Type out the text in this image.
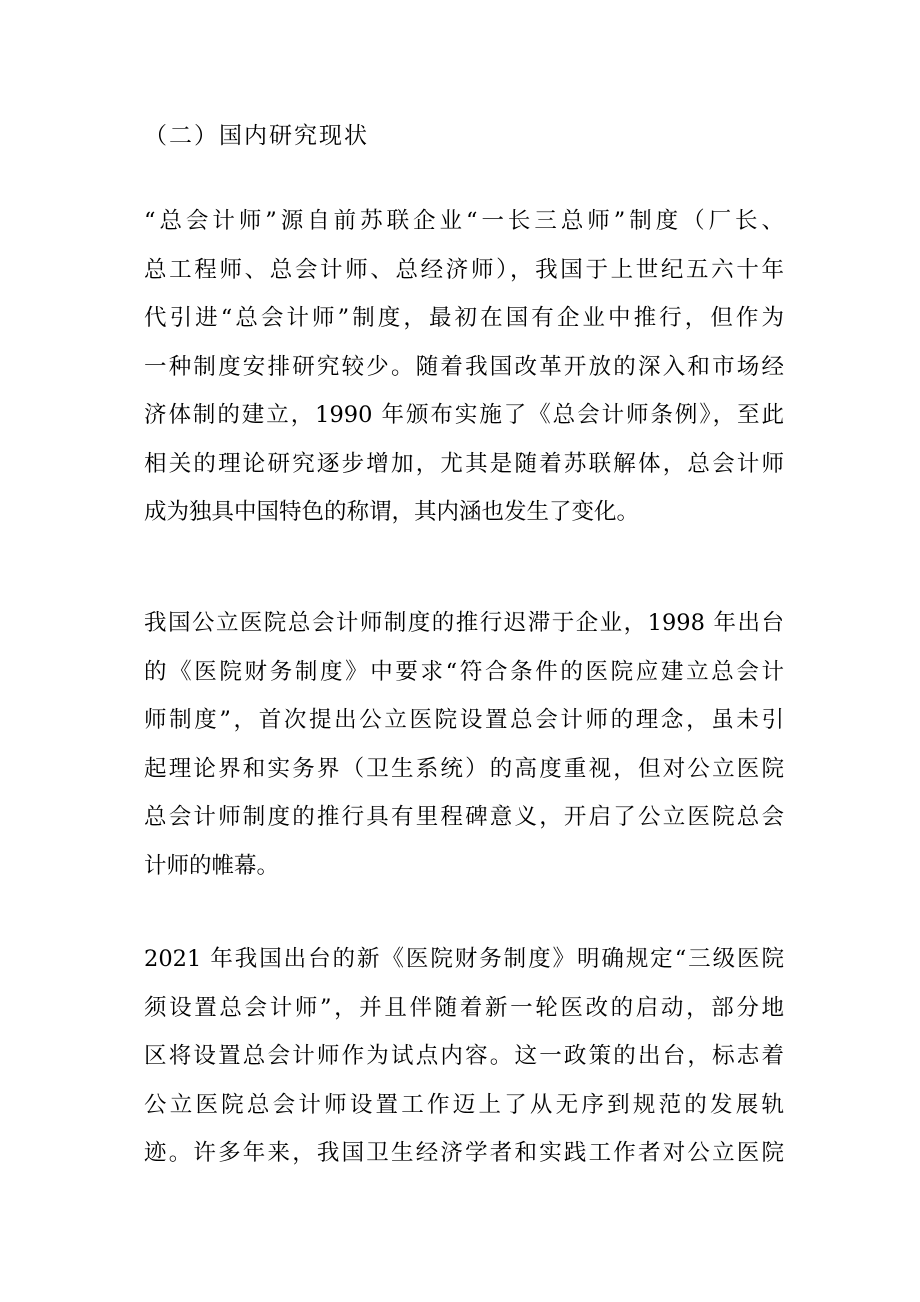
（二）国内研究现状
“总会计师”源自前苏联企业“一长三总师”制度（厂长、
总工程师、总会计师、总经济师），我国于上世纪五六十年
代引进“总会计师”制度，最初在国有企业中推行，但作为
一种制度安排研究较少。随着我国改革开放的深入和市场经
济体制的建立，1990 年颁布实施了《总会计师条例》，至此
相关的理论研究逐步增加，尤其是随着苏联解体，总会计师
成为独具中国特色的称谓，其内涵也发生了变化。
我国公立医院总会计师制度的推行迟滞于企业，1998 年出台
的《医院财务制度》中要求“符合条件的医院应建立总会计
师制度”，首次提出公立医院设置总会计师的理念，虽未引
起理论界和实务界（卫生系统）的高度重视，但对公立医院
总会计师制度的推行具有里程碑意义，开启了公立医院总会
计师的帷幕。
2021 年我国出台的新《医院财务制度》明确规定“三级医院
须设置总会计师”，并且伴随着新一轮医改的启动，部分地
区将设置总会计师作为试点内容。这一政策的出台，标志着
公立医院总会计师设置工作迈上了从无序到规范的发展轨
迹。许多年来，我国卫生经济学者和实践工作者对公立医院
